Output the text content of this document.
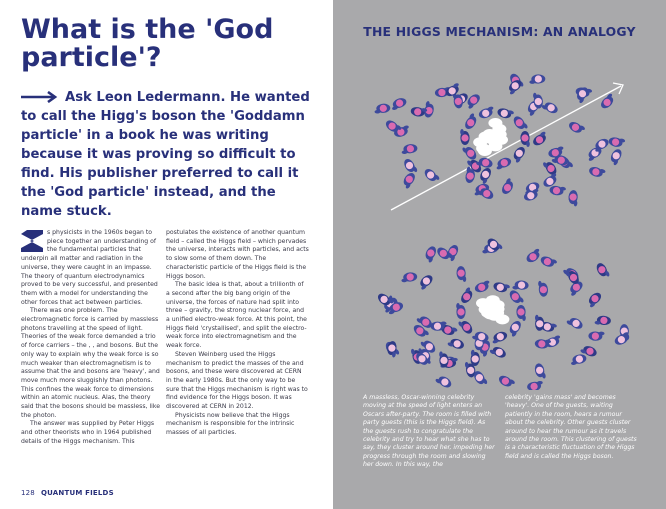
What is the 'God particle'?

Ask Leon Ledermann. He wanted to call the Higg's boson the 'Goddamn particle' in a book he was writing because it was proving so difficult to find. His publisher preferred to call it the 'God particle' instead, and the name stuck.

s physicists in the 1960s began to piece together an understanding of the fundamental particles that underpin all matter and radiation in the universe, they were caught in an impasse. The theory of quantum electrodynamics proved to be very successful, and presented them with a model for understanding the other forces that act between particles.

There was one problem. The electromagnetic force is carried by massless photons travelling at the speed of light. Theories of the weak force demanded a trio of force carriers – the , , and bosons. But the only way to explain why the weak force is so much weaker than electromagnetism is to assume that the and bosons are 'heavy', and move much more sluggishly than photons. This confines the weak force to dimensions within an atomic nucleus. Alas, the theory said that the bosons should be massless, like the photon.

The answer was supplied by Peter Higgs and other theorists who in 1964 published details of the Higgs mechanism. This

postulates the existence of another quantum field – called the Higgs field – which pervades the universe, interacts with particles, and acts to slow some of them down. The characteristic particle of the Higgs field is the Higgs boson.

The basic idea is that, about a trillionth of a second after the big bang origin of the universe, the forces of nature had split into three – gravity, the strong nuclear force, and a unified electro-weak force. At this point, the Higgs field 'crystallised', and split the electro-weak force into electromagnetism and the weak force.

Steven Weinberg used the Higgs mechanism to predict the masses of the and bosons, and these were discovered at CERN in the early 1980s. But the only way to be sure that the Higgs mechanism is right was to find evidence for the Higgs boson. It was discovered at CERN in 2012.

Physicists now believe that the Higgs mechanism is responsible for the intrinsic masses of all particles.

128 QUANTUM FIELDS
THE HIGGS MECHANISM: AN ANALOGY

A massless, Oscar-winning celebrity moving at the speed of light enters an Oscars after-party. The room is filled with party guests (this is the Higgs field). As the guests rush to congratulate the celebrity and try to hear what she has to say, they cluster around her, impeding her progress through the room and slowing her down. In this way, the

celebrity 'gains mass' and becomes 'heavy'. One of the guests, waiting patiently in the room, hears a rumour about the celebrity. Other guests cluster around to hear the rumour as it travels around the room. This clustering of guests is a characteristic fluctuation of the Higgs field and is called the Higgs boson.
